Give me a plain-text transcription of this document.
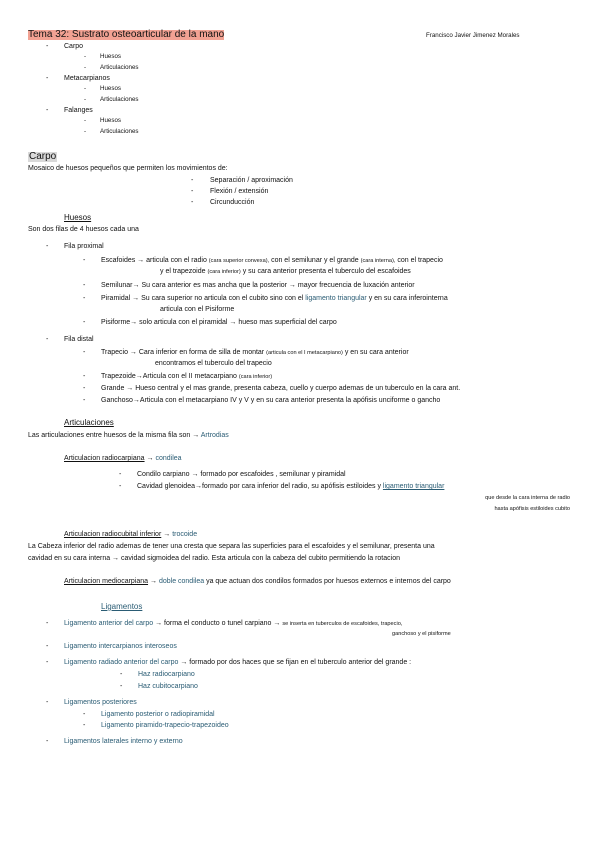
Tema 32: Sustrato osteoarticular de la mano	Francisco Javier Jimenez Morales
- Carpo
- Huesos
- Articulaciones
- Metacarpianos
- Huesos
- Articulaciones
- Falanges
- Huesos
- Articulaciones
Carpo
Mosaico de huesos pequeños que permiten los movimientos de:
- Separación / aproximación
- Flexión / extensión
- Circunducción
Huesos
Son dos filas de 4 huesos cada una
- Fila proximal
- Escafoides → articula con el radio (cara superior convexa), con el semilunar y el grande (cara interna), con el trapecio
y el trapezoide (cara inferior) y su cara anterior presenta el tuberculo del escafoides
- Semilunar→ Su cara anterior es mas ancha que la posterior → mayor frecuencia de luxación anterior
- Piramidal → Su cara superior no articula con el cubito sino con el ligamento triangular y en su cara inferointerna
articula con el Pisiforme
- Pisiforme→ solo articula con el piramidal → hueso mas superficial del carpo
- Fila distal
- Trapecio → Cara inferior en forma de silla de montar (articula con el I metacarpiano) y en su cara anterior
encontramos el tuberculo del trapecio
- Trapezoide→Articula con el II metacarpiano (cara inferior)
- Grande → Hueso central y el mas grande, presenta cabeza, cuello y cuerpo ademas de un tuberculo en la cara ant.
- Ganchoso→Articula con el metacarpiano IV y V y en su cara anterior presenta la apófisis unciforme o gancho
Articulaciones
Las articulaciones entre huesos de la misma fila son → Artrodias
Articulacion radiocarpiana → condilea
- Condilo carpiano → formado por escafoides , semilunar y piramidal
- Cavidad glenoidea→formado por cara inferior del radio, su apófisis estiloides y ligamento triangular
que desde la cara interna de radio
hasta apófisis estiloides cubito
Articulacion radiocubital inferior → trocoide
La Cabeza inferior del radio ademas de tener una cresta que separa las superficies para el escafoides y el semilunar, presenta una
cavidad en su cara interna → cavidad sigmoidea del radio. Esta articula con la cabeza del cubito permitiendo la rotacion
Articulacion mediocarpiana → doble condilea ya que actuan dos condilos formados por huesos externos e internos del carpo
Ligamentos
- Ligamento anterior del carpo → forma el conducto o tunel carpiano → se inserta en tuberculos de escafoides, trapecio,
ganchoso y el pisiforme
- Ligamento intercarpianos interoseos
- Ligamento radiado anterior del carpo → formado por dos haces que se fijan en el tuberculo anterior del grande :
- Haz radiocarpiano
- Haz cubitocarpiano
- Ligamentos posteriores
- Ligamento posterior o radiopiramidal
- Ligamento piramido-trapecio-trapezoideo
- Ligamentos laterales interno y externo
